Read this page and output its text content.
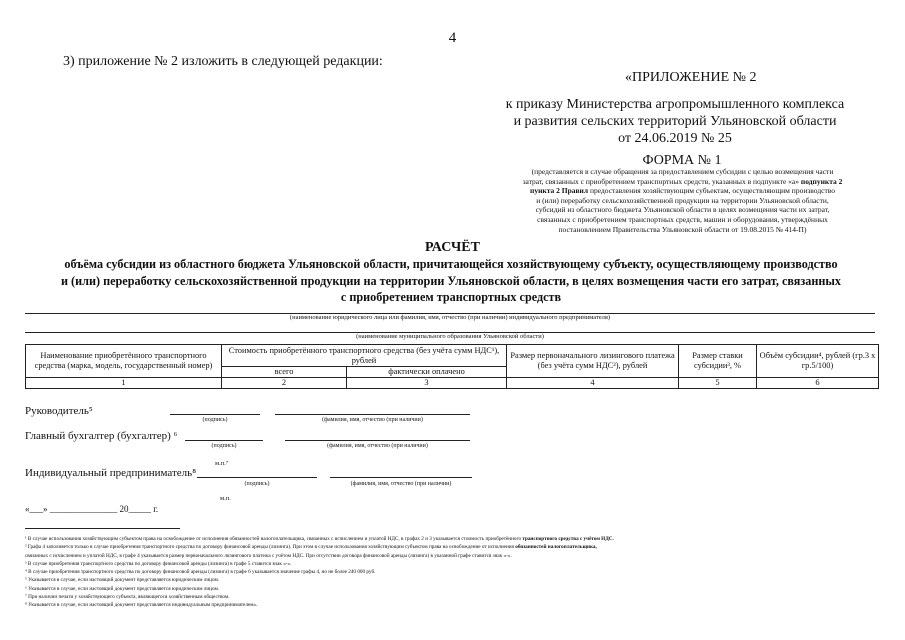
4
3) приложение № 2 изложить в следующей редакции:
«ПРИЛОЖЕНИЕ № 2
к приказу Министерства агропромышленного комплекса
и развития сельских территорий Ульяновской области
от 24.06.2019 № 25
ФОРМА № 1
(представляется в случае обращения за предоставлением субсидии с целью возмещения части
затрат, связанных с приобретением транспортных средств, указанных в подпункте «а» подпункта 2
пункта 2 Правил предоставления хозяйствующим субъектам, осуществляющим производство
и (или) переработку сельскохозяйственной продукции на территории Ульяновской области,
субсидий из областного бюджета Ульяновской области в целях возмещения части их затрат,
связанных с приобретением транспортных средств, машин и оборудования, утверждённых
постановлением Правительства Ульяновской области от 19.08.2015 № 414-П)
РАСЧЁТ
объёма субсидии из областного бюджета Ульяновской области, причитающейся хозяйствующему субъекту, осуществляющему производство
и (или) переработку сельскохозяйственной продукции на территории Ульяновской области, в целях возмещения части его затрат, связанных
с приобретением транспортных средств
(наименование юридического лица или фамилия, имя, отчество (при наличии) индивидуального предпринимателя)
(наименование муниципального образования Ульяновской области)
Наименование приобретённого транспортного средства (марка, модель, государственный номер)	Стоимость приобретённого транспортного средства (без учёта сумм НДС¹), рублей		Размер первоначального лизингового платежа (без учёта сумм НДС²), рублей	Размер ставки субсидии³, %	Объём субсидии⁴, рублей (гр.3 х гр.5/100)
	всего	фактически оплачено			
1	2	3	4	5	6
Руководитель⁵
(подпись)	(фамилия, имя, отчество (при наличии)
Главный бухгалтер (бухгалтер) ⁶
(подпись)	(фамилия, имя, отчество (при наличии)
м.п.⁷
Индивидуальный предприниматель⁸
(подпись)	(фамилия, имя, отчество (при наличии)
м.п.
«___» _______________ 20_____ г.
¹ В случае использования хозяйствующим субъектом права на освобождение от исполнения обязанностей налогоплательщика, связанных с исчислением и уплатой НДС, в графах 2 и 3 указывается стоимость приобретённого транспортного средства с учётом НДС.
² Графа 4 заполняется только в случае приобретения транспортного средства по договору финансовой аренды (лизинга). При этом в случае использования хозяйствующим субъектом права на освобождение от исполнения обязанностей налогоплательщика,
связанных с исчислением и уплатой НДС, в графе 4 указывается размер первоначального лизингового платежа с учётом НДС. При отсутствии договора финансовой аренды (лизинга) в указанной графе ставится знак «-».
³ В случае приобретения транспортного средства по договору финансовой аренды (лизинга) в графе 5 ставится знак «-».
⁴ В случае приобретения транспортного средства по договору финансовой аренды (лизинга) в графе 6 указывается значение графы 4, но не более 240 000 руб.
⁵ Указывается в случае, если настоящий документ представляется юридическим лицом.
⁶ Указывается в случае, если настоящий документ представляется юридическим лицом.
⁷ При наличии печати у хозяйствующего субъекта, являющегося хозяйственным обществом.
⁸ Указывается в случае, если настоящий документ представляется индивидуальным предпринимателем».
